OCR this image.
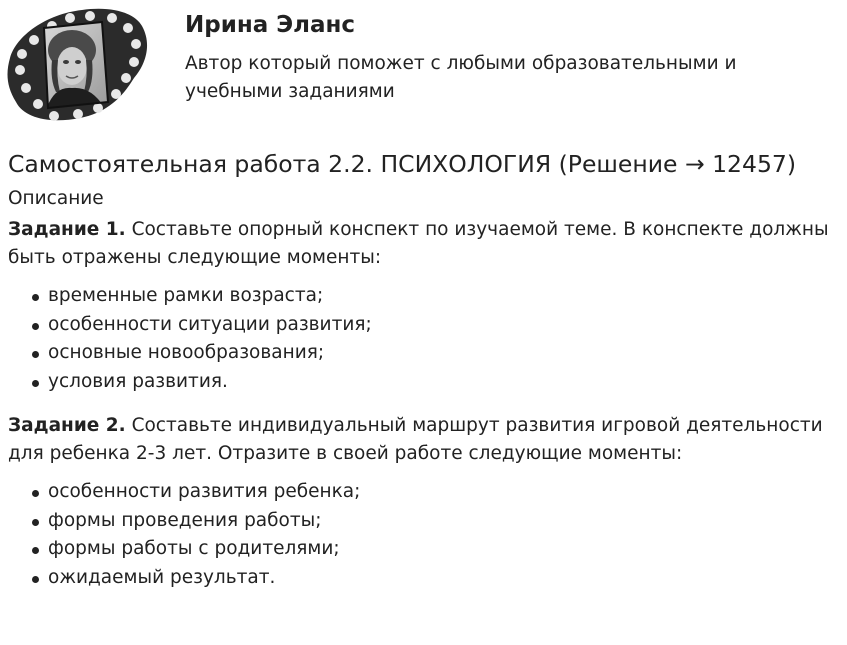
Ирина Эланс

Автор который поможет с любыми образовательными и учебными заданиями

Самостоятельная работа 2.2. ПСИХОЛОГИЯ (Решение → 12457)
Описание

Задание 1. Составьте опорный конспект по изучаемой теме. В конспекте должны быть отражены следующие моменты:

временные рамки возраста;
особенности ситуации развития;
основные новообразования;
условия развития.

Задание 2. Составьте индивидуальный маршрут развития игровой деятельности для ребенка 2-3 лет. Отразите в своей работе следующие моменты:

особенности развития ребенка;
формы проведения работы;
формы работы с родителями;
ожидаемый результат.
